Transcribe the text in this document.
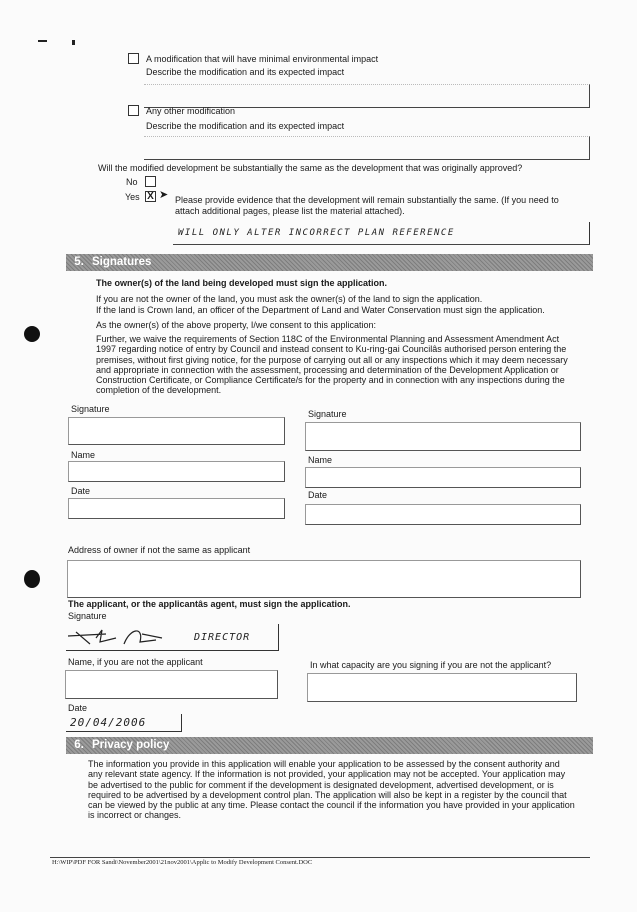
A modification that will have minimal environmental impact
Describe the modification and its expected impact
Any other modification
Describe the modification and its expected impact
Will the modified development be substantially the same as the development that was originally approved?
No
Yes X ➤ Please provide evidence that the development will remain substantially the same. (If you need to attach additional pages, please list the material attached).
WILL ONLY ALTER INCORRECT PLAN REFERENCE
5. Signatures
The owner(s) of the land being developed must sign the application.
If you are not the owner of the land, you must ask the owner(s) of the land to sign the application.
If the land is Crown land, an officer of the Department of Land and Water Conservation must sign the application.
As the owner(s) of the above property, I/we consent to this application:
Further, we waive the requirements of Section 118C of the Environmental Planning and Assessment Amendment Act 1997 regarding notice of entry by Council and instead consent to Ku-ring-gai Councilâs authorised person entering the premises, without first giving notice, for the purpose of carrying out all or any inspections which it may deem necessary and appropriate in connection with the assessment, processing and determination of the Development Application or Construction Certificate, or Compliance Certificate/s for the property and in connection with any inspections during the completion of the development.
Signature
Name
Date
Signature
Name
Date
Address of owner if not the same as applicant
The applicant, or the applicantâs agent, must sign the application.
Signature
DIRECTOR
Name, if you are not the applicant	In what capacity are you signing if you are not the applicant?
Date
20/04/2006
6. Privacy policy
The information you provide in this application will enable your application to be assessed by the consent authority and any relevant state agency. If the information is not provided, your application may not be accepted. Your application may be advertised to the public for comment if the development is designated development, advertised development, or is required to be advertised by a development control plan. The application will also be kept in a register by the council that can be viewed by the public at any time. Please contact the council if the information you have provided in your application is incorrect or changes.
H:\WIP\PDF FOR Sandi\November2001\21nov2001\Applic to Modify Development Consent.DOC
